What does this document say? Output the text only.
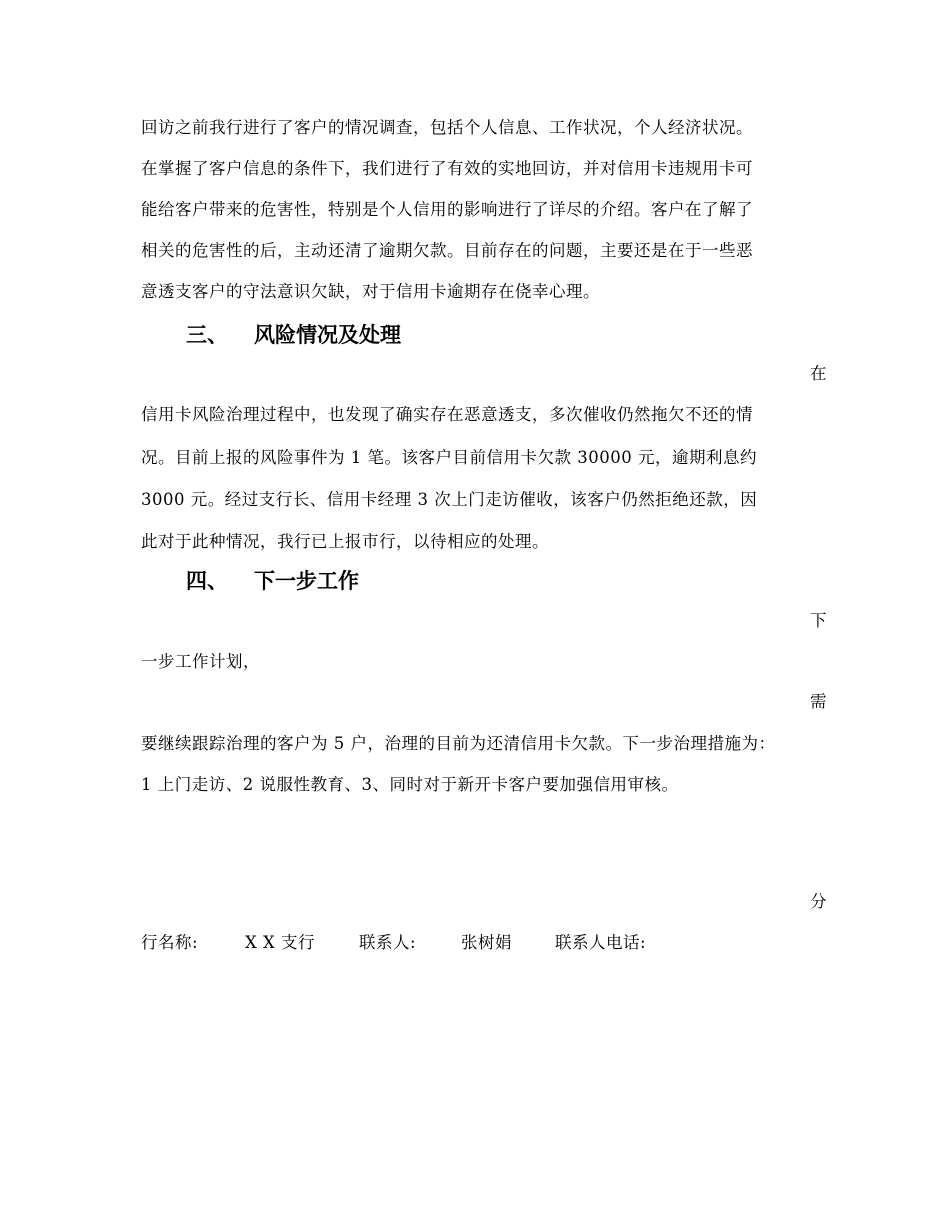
回访之前我行进行了客户的情况调查，包括个人信息、工作状况，个人经济状况。
在掌握了客户信息的条件下，我们进行了有效的实地回访，并对信用卡违规用卡可
能给客户带来的危害性，特别是个人信用的影响进行了详尽的介绍。客户在了解了
相关的危害性的后，主动还清了逾期欠款。目前存在的问题，主要还是在于一些恶
意透支客户的守法意识欠缺，对于信用卡逾期存在侥幸心理。
三、 风险情况及处理
在
信用卡风险治理过程中，也发现了确实存在恶意透支，多次催收仍然拖欠不还的情
况。目前上报的风险事件为 1 笔。该客户目前信用卡欠款 30000 元，逾期利息约
3000 元。经过支行长、信用卡经理 3 次上门走访催收，该客户仍然拒绝还款，因
此对于此种情况，我行已上报市行，以待相应的处理。
四、 下一步工作
下
一步工作计划，
需
要继续跟踪治理的客户为 5 户，治理的目前为还清信用卡欠款。下一步治理措施为：
1 上门走访、2 说服性教育、3、同时对于新开卡客户要加强信用审核。
分
行名称:	X X 支行	联系人:	张树娟	联系人电话:
